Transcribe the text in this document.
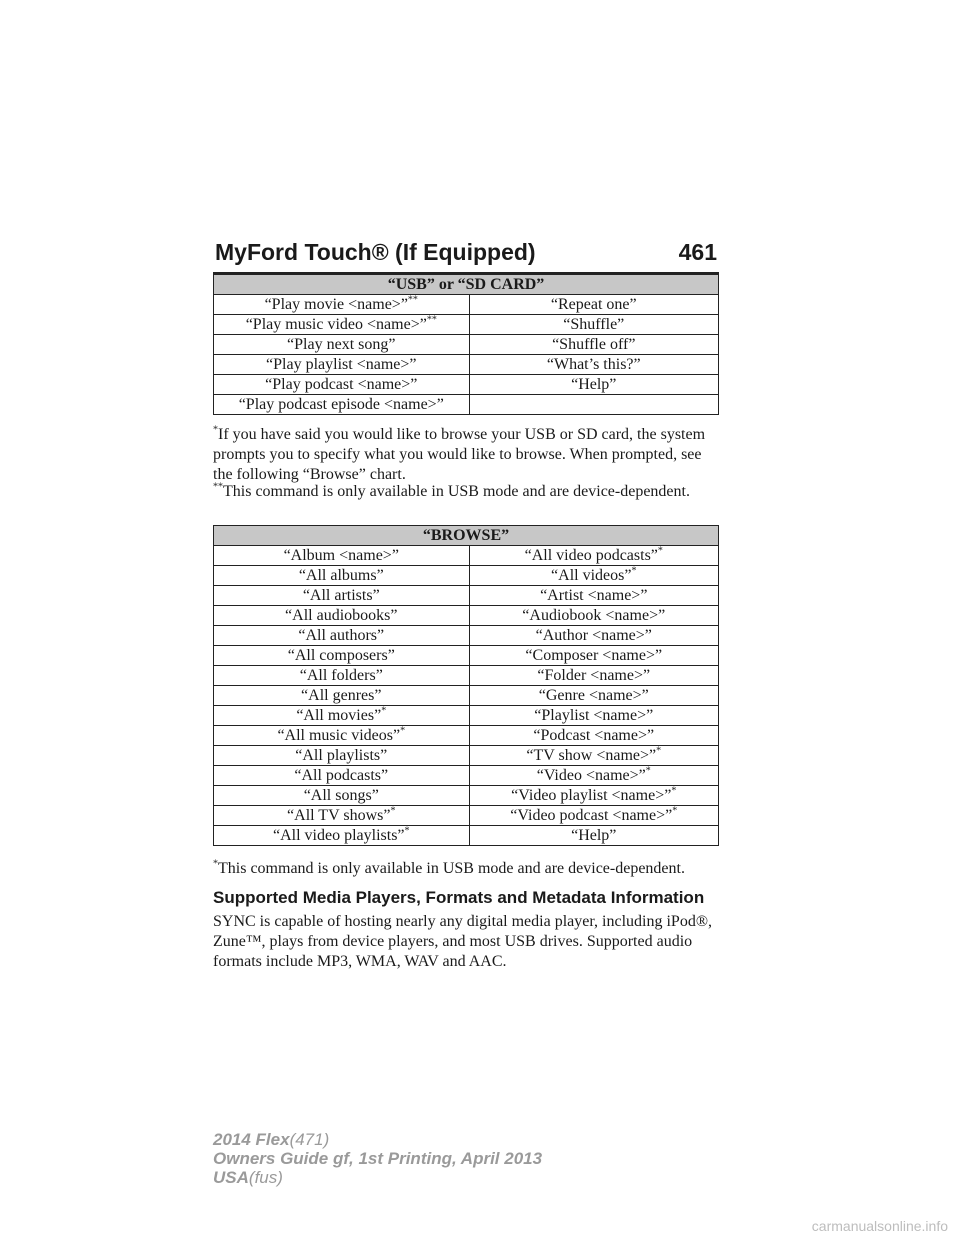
MyFord Touch® (If Equipped)	461
“USB” or “SD CARD”	
“Play movie <name>”**	“Repeat one”
“Play music video <name>”**	“Shuffle”
“Play next song”	“Shuffle off”
“Play playlist <name>”	“What’s this?”
“Play podcast <name>”	“Help”
“Play podcast episode <name>”	
*If you have said you would like to browse your USB or SD card, the system prompts you to specify what you would like to browse. When prompted, see the following “Browse” chart.
**This command is only available in USB mode and are device-dependent.
“BROWSE”	
“Album <name>”	“All video podcasts”*
“All albums”	“All videos”*
“All artists”	“Artist <name>”
“All audiobooks”	“Audiobook <name>”
“All authors”	“Author <name>”
“All composers”	“Composer <name>”
“All folders”	“Folder <name>”
“All genres”	“Genre <name>”
“All movies”*	“Playlist <name>”
“All music videos”*	“Podcast <name>”
“All playlists”	“TV show <name>”*
“All podcasts”	“Video <name>”*
“All songs”	“Video playlist <name>”*
“All TV shows”*	“Video podcast <name>”*
“All video playlists”*	“Help”
*This command is only available in USB mode and are device-dependent.
Supported Media Players, Formats and Metadata Information
SYNC is capable of hosting nearly any digital media player, including iPod®, Zune™, plays from device players, and most USB drives. Supported audio formats include MP3, WMA, WAV and AAC.
2014 Flex(471)
Owners Guide gf, 1st Printing, April 2013
USA(fus)
carmanualsonline.info
